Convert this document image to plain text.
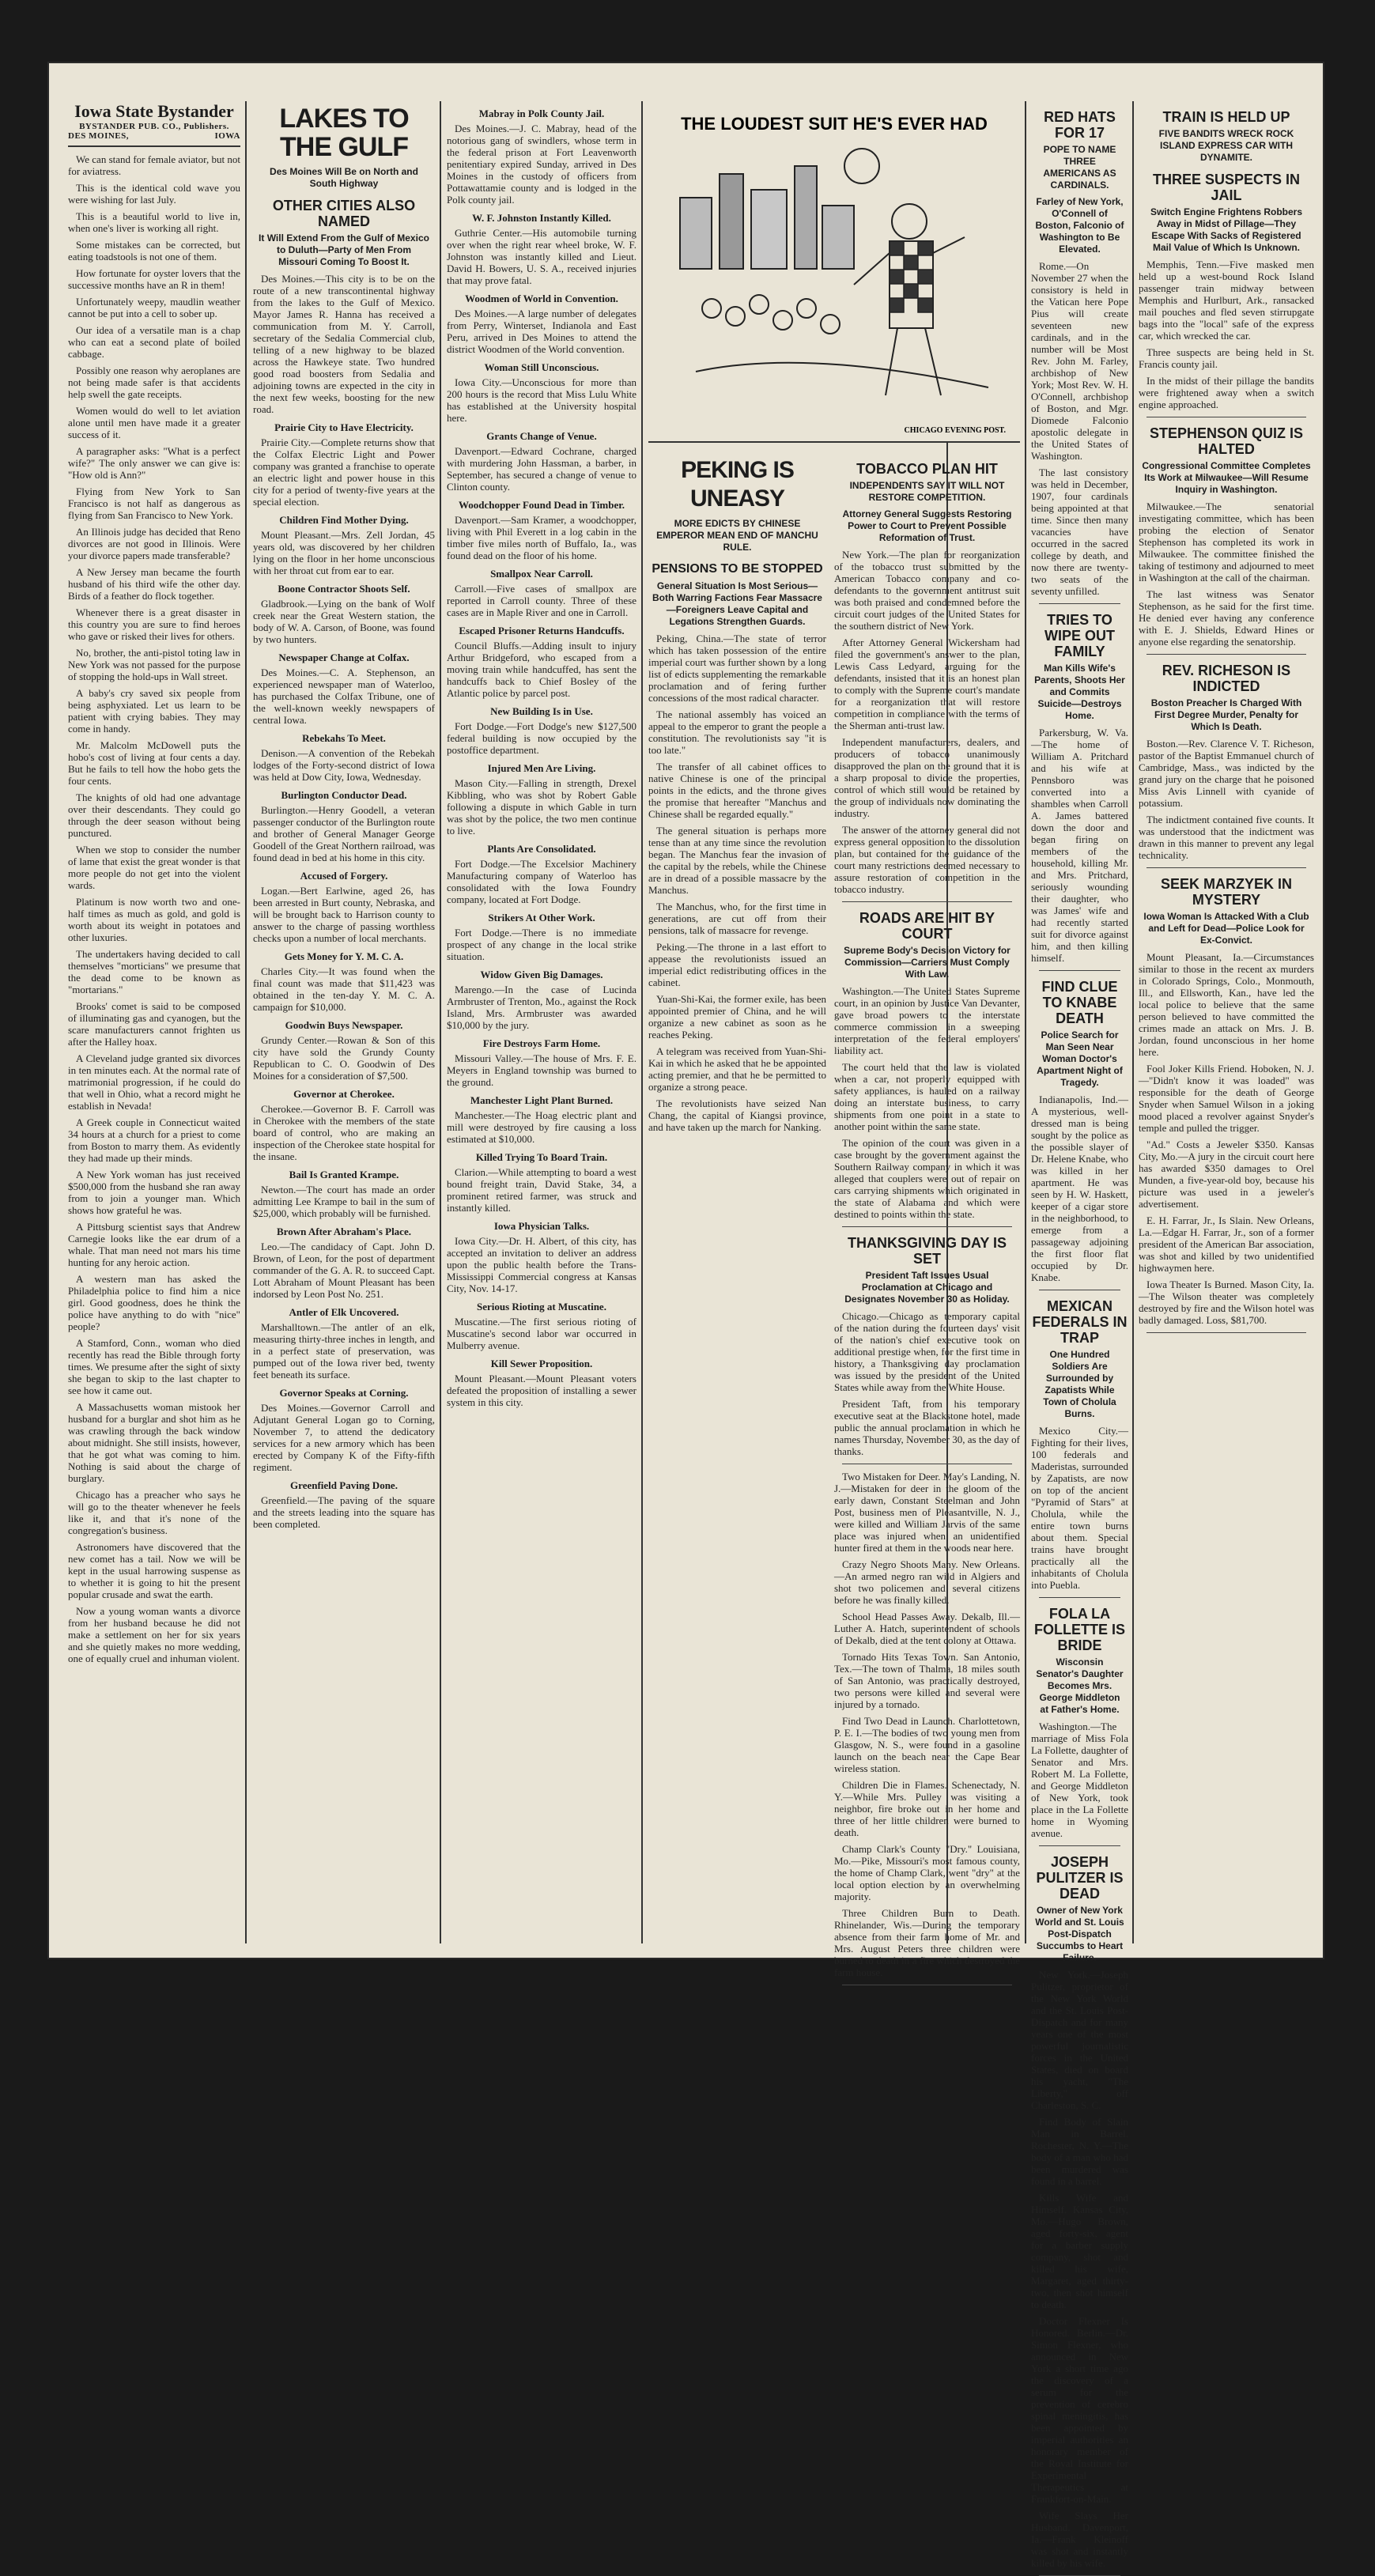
Iowa State Bystander
BYSTANDER PUB. CO., Publishers.
DES MOINES,	IOWA

We can stand for female aviator, but not for aviatress.

This is the identical cold wave you were wishing for last July.

This is a beautiful world to live in, when one's liver is working all right.

Some mistakes can be corrected, but eating toadstools is not one of them.

How fortunate for oyster lovers that the successive months have an R in them!

Unfortunately weepy, maudlin weather cannot be put into a cell to sober up.

Our idea of a versatile man is a chap who can eat a second plate of boiled cabbage.

Possibly one reason why aeroplanes are not being made safer is that accidents help swell the gate receipts.

Women would do well to let aviation alone until men have made it a greater success of it.

A paragrapher asks: "What is a perfect wife?" The only answer we can give is: "How old is Ann?"

Flying from New York to San Francisco is not half as dangerous as flying from San Francisco to New York.

An Illinois judge has decided that Reno divorces are not good in Illinois. Were your divorce papers made transferable?

A New Jersey man became the fourth husband of his third wife the other day. Birds of a feather do flock together.

Whenever there is a great disaster in this country you are sure to find heroes who gave or risked their lives for others.

No, brother, the anti-pistol toting law in New York was not passed for the purpose of stopping the hold-ups in Wall street.

A baby's cry saved six people from being asphyxiated. Let us learn to be patient with crying babies. They may come in handy.

Mr. Malcolm McDowell puts the hobo's cost of living at four cents a day. But he fails to tell how the hobo gets the four cents.

The knights of old had one advantage over their descendants. They could go through the deer season without being punctured.

When we stop to consider the number of lame that exist the great wonder is that more people do not get into the violent wards.

Platinum is now worth two and one-half times as much as gold, and gold is worth about its weight in potatoes and other luxuries.

The undertakers having decided to call themselves "morticians" we presume that the dead come to be known as "mortarians."

Brooks' comet is said to be composed of illuminating gas and cyanogen, but the scare manufacturers cannot frighten us after the Halley hoax.

A Cleveland judge granted six divorces in ten minutes each. At the normal rate of matrimonial progression, if he could do that well in Ohio, what a record might he establish in Nevada!

A Greek couple in Connecticut waited 34 hours at a church for a priest to come from Boston to marry them. As evidently they had made up their minds.

A New York woman has just received $500,000 from the husband she ran away from to join a younger man. Which shows how grateful he was.

A Pittsburg scientist says that Andrew Carnegie looks like the ear drum of a whale. That man need not mars his time hunting for any heroic action.

A western man has asked the Philadelphia police to find him a nice girl. Good goodness, does he think the police have anything to do with "nice" people?

A Stamford, Conn., woman who died recently has read the Bible through forty times. We presume after the sight of sixty she began to skip to the last chapter to see how it came out.

A Massachusetts woman mistook her husband for a burglar and shot him as he was crawling through the back window about midnight. She still insists, however, that he got what was coming to him. Nothing is said about the charge of burglary.

Chicago has a preacher who says he will go to the theater whenever he feels like it, and that it's none of the congregation's business.

Astronomers have discovered that the new comet has a tail. Now we will be kept in the usual harrowing suspense as to whether it is going to hit the present popular crusade and swat the earth.

Now a young woman wants a divorce from her husband because he did not make a settlement on her for six years and she quietly makes no more wedding, one of equally cruel and inhuman violent.

LAKES TO THE GULF
Des Moines Will Be on North and South Highway
OTHER CITIES ALSO NAMED
It Will Extend From the Gulf of Mexico to Duluth—Party of Men From Missouri Coming To Boost It.

Des Moines.—This city is to be on the route of a new transcontinental highway from the lakes to the Gulf of Mexico. Mayor James R. Hanna has received a communication from M. Y. Carroll, secretary of the Sedalia Commercial club, telling of a new highway to be blazed across the Hawkeye state. Two hundred good road boosters from Sedalia and adjoining towns are expected in the city in the next few weeks, boosting for the new road.

Prairie City to Have Electricity.

Prairie City.—Complete returns show that the Colfax Electric Light and Power company was granted a franchise to operate an electric light and power house in this city for a period of twenty-five years at the special election.

Children Find Mother Dying.

Mount Pleasant.—Mrs. Zell Jordan, 45 years old, was discovered by her children lying on the floor in her home unconscious with her throat cut from ear to ear.

Boone Contractor Shoots Self.

Gladbrook.—Lying on the bank of Wolf creek near the Great Western station, the body of W. A. Carson, of Boone, was found by two hunters.

Newspaper Change at Colfax.

Des Moines.—C. A. Stephenson, an experienced newspaper man of Waterloo, has purchased the Colfax Tribune, one of the well-known weekly newspapers of central Iowa.

Rebekahs To Meet.

Denison.—A convention of the Rebekah lodges of the Forty-second district of Iowa was held at Dow City, Iowa, Wednesday.

Burlington Conductor Dead.

Burlington.—Henry Goodell, a veteran passenger conductor of the Burlington route and brother of General Manager George Goodell of the Great Northern railroad, was found dead in bed at his home in this city.

Accused of Forgery.

Logan.—Bert Earlwine, aged 26, has been arrested in Burt county, Nebraska, and will be brought back to Harrison county to answer to the charge of passing worthless checks upon a number of local merchants.

Gets Money for Y. M. C. A.

Charles City.—It was found when the final count was made that $11,423 was obtained in the ten-day Y. M. C. A. campaign for $10,000.

Goodwin Buys Newspaper.

Grundy Center.—Rowan & Son of this city have sold the Grundy County Republican to C. O. Goodwin of Des Moines for a consideration of $7,500.

Governor at Cherokee.

Cherokee.—Governor B. F. Carroll was in Cherokee with the members of the state board of control, who are making an inspection of the Cherokee state hospital for the insane.

Bail Is Granted Krampe.

Newton.—The court has made an order admitting Lee Krampe to bail in the sum of $25,000, which probably will be furnished.

Brown After Abraham's Place.

Leo.—The candidacy of Capt. John D. Brown, of Leon, for the post of department commander of the G. A. R. to succeed Capt. Lott Abraham of Mount Pleasant has been indorsed by Leon Post No. 251.

Antler of Elk Uncovered.

Marshalltown.—The antler of an elk, measuring thirty-three inches in length, and in a perfect state of preservation, was pumped out of the Iowa river bed, twenty feet beneath its surface.

Governor Speaks at Corning.

Des Moines.—Governor Carroll and Adjutant General Logan go to Corning, November 7, to attend the dedicatory services for a new armory which has been erected by Company K of the Fifty-fifth regiment.

Greenfield Paving Done.

Greenfield.—The paving of the square and the streets leading into the square has been completed.

Mabray in Polk County Jail.

Des Moines.—J. C. Mabray, head of the notorious gang of swindlers, whose term in the federal prison at Fort Leavenworth penitentiary expired Sunday, arrived in Des Moines in the custody of officers from Pottawattamie county and is lodged in the Polk county jail.

W. F. Johnston Instantly Killed.

Guthrie Center.—His automobile turning over when the right rear wheel broke, W. F. Johnston was instantly killed and Lieut. David H. Bowers, U. S. A., received injuries that may prove fatal.

Woodmen of World in Convention.

Des Moines.—A large number of delegates from Perry, Winterset, Indianola and East Peru, arrived in Des Moines to attend the district Woodmen of the World convention.

Woman Still Unconscious.

Iowa City.—Unconscious for more than 200 hours is the record that Miss Lulu White has established at the University hospital here.

Grants Change of Venue.

Davenport.—Edward Cochrane, charged with murdering John Hassman, a barber, in September, has secured a change of venue to Clinton county.

Woodchopper Found Dead in Timber.

Davenport.—Sam Kramer, a woodchopper, living with Phil Everett in a log cabin in the timber five miles north of Buffalo, Ia., was found dead on the floor of his home.

Smallpox Near Carroll.

Carroll.—Five cases of smallpox are reported in Carroll county. Three of these cases are in Maple River and one in Carroll.

Escaped Prisoner Returns Handcuffs.

Council Bluffs.—Adding insult to injury Arthur Bridgeford, who escaped from a moving train while handcuffed, has sent the handcuffs back to Chief Bosley of the Atlantic police by parcel post.

New Building Is in Use.

Fort Dodge.—Fort Dodge's new $127,500 federal building is now occupied by the postoffice department.

Injured Men Are Living.

Mason City.—Falling in strength, Drexel Kibbling, who was shot by Robert Gable following a dispute in which Gable in turn was shot by the police, the two men continue to live.

Plants Are Consolidated.

Fort Dodge.—The Excelsior Machinery Manufacturing company of Waterloo has consolidated with the Iowa Foundry company, located at Fort Dodge.

Strikers At Other Work.

Fort Dodge.—There is no immediate prospect of any change in the local strike situation.

Widow Given Big Damages.

Marengo.—In the case of Lucinda Armbruster of Trenton, Mo., against the Rock Island, Mrs. Armbruster was awarded $10,000 by the jury.

Fire Destroys Farm Home.

Missouri Valley.—The house of Mrs. F. E. Meyers in England township was burned to the ground.

Manchester Light Plant Burned.

Manchester.—The Hoag electric plant and mill were destroyed by fire causing a loss estimated at $10,000.

Killed Trying To Board Train.

Clarion.—While attempting to board a west bound freight train, David Stake, 34, a prominent retired farmer, was struck and instantly killed.

Iowa Physician Talks.

Iowa City.—Dr. H. Albert, of this city, has accepted an invitation to deliver an address upon the public health before the Trans-Mississippi Commercial congress at Kansas City, Nov. 14-17.

Serious Rioting at Muscatine.

Muscatine.—The first serious rioting of Muscatine's second labor war occurred in Mulberry avenue.

Kill Sewer Proposition.

Mount Pleasant.—Mount Pleasant voters defeated the proposition of installing a sewer system in this city.

THE LOUDEST SUIT HE'S EVER HAD
CHICAGO EVENING POST.
PEKING IS UNEASY
MORE EDICTS BY CHINESE EMPEROR MEAN END OF MANCHU RULE.
PENSIONS TO BE STOPPED
General Situation Is Most Serious—Both Warring Factions Fear Massacre—Foreigners Leave Capital and Legations Strengthen Guards.

Peking, China.—The state of terror which has taken possession of the entire imperial court was further shown by a long list of edicts supplementing the remarkable proclamation and of fering further concessions of the most radical character.

The national assembly has voiced an appeal to the emperor to grant the people a constitution. The revolutionists say "it is too late."

The transfer of all cabinet offices to native Chinese is one of the principal points in the edicts, and the throne gives the promise that hereafter "Manchus and Chinese shall be regarded equally."

The general situation is perhaps more tense than at any time since the revolution began. The Manchus fear the invasion of the capital by the rebels, while the Chinese are in dread of a possible massacre by the Manchus.

The Manchus, who, for the first time in generations, are cut off from their pensions, talk of massacre for revenge.

Peking.—The throne in a last effort to appease the revolutionists issued an imperial edict redistributing offices in the cabinet.

Yuan-Shi-Kai, the former exile, has been appointed premier of China, and he will organize a new cabinet as soon as he reaches Peking.

A telegram was received from Yuan-Shi-Kai in which he asked that he be appointed acting premier, and that he be permitted to organize a strong peace.

The revolutionists have seized Nan Chang, the capital of Kiangsi province, and have taken up the march for Nanking.

TOBACCO PLAN HIT
INDEPENDENTS SAY IT WILL NOT RESTORE COMPETITION.
Attorney General Suggests Restoring Power to Court to Prevent Possible Reformation of Trust.

New York.—The plan for reorganization of the tobacco trust submitted by the American Tobacco company and co-defendants to the government antitrust suit was both praised and condemned before the circuit court judges of the United States for the southern district of New York.

After Attorney General Wickersham had filed the government's answer to the plan, Lewis Cass Ledyard, arguing for the defendants, insisted that it is an honest plan to comply with the Supreme court's mandate for a reorganization that will restore competition in compliance with the terms of the Sherman anti-trust law.

Independent manufacturers, dealers, and producers of tobacco unanimously disapproved the plan on the ground that it is a sharp proposal to divide the properties, control of which still would be retained by the group of individuals now dominating the industry.

The answer of the attorney general did not express general opposition to the dissolution plan, but contained for the guidance of the court many restrictions deemed necessary to assure restoration of competition in the tobacco industry.

ROADS ARE HIT BY COURT
Supreme Body's Decision Victory for Commission—Carriers Must Comply With Law.

Washington.—The United States Supreme court, in an opinion by Justice Van Devanter, gave broad powers to the interstate commerce commission in a sweeping interpretation of the federal employers' liability act.

The court held that the law is violated when a car, not properly equipped with safety appliances, is hauled on a railway doing an interstate business, to carry shipments from one point in a state to another point within the same state.

The opinion of the court was given in a case brought by the government against the Southern Railway company in which it was alleged that couplers were out of repair on cars carrying shipments which originated in the state of Alabama and which were destined to points within the state.

THANKSGIVING DAY IS SET
President Taft Issues Usual Proclamation at Chicago and Designates November 30 as Holiday.

Chicago.—Chicago as temporary capital of the nation during the fourteen days' visit of the nation's chief executive took on additional prestige when, for the first time in history, a Thanksgiving day proclamation was issued by the president of the United States while away from the White House.

President Taft, from his temporary executive seat at the Blackstone hotel, made public the annual proclamation in which he names Thursday, November 30, as the day of thanks.

Two Mistaken for Deer. May's Landing, N. J.—Mistaken for deer in the gloom of the early dawn, Constant Steelman and John Post, business men of Pleasantville, N. J., were killed and William Jarvis of the same place was injured when an unidentified hunter fired at them in the woods near here.

Crazy Negro Shoots Many. New Orleans.—An armed negro ran wild in Algiers and shot two policemen and several citizens before he was finally killed.

School Head Passes Away. Dekalb, Ill.—Luther A. Hatch, superintendent of schools of Dekalb, died at the tent colony at Ottawa.

Tornado Hits Texas Town. San Antonio, Tex.—The town of Thalma, 18 miles south of San Antonio, was practically destroyed, two persons were killed and several were injured by a tornado.

Find Two Dead in Launch. Charlottetown, P. E. I.—The bodies of two young men from Glasgow, N. S., were found in a gasoline launch on the beach near the Cape Bear wireless station.

Children Die in Flames. Schenectady, N. Y.—While Mrs. Pulley was visiting a neighbor, fire broke out in her home and three of her little children were burned to death.

Champ Clark's County "Dry." Louisiana, Mo.—Pike, Missouri's most famous county, the home of Champ Clark, went "dry" at the local option election by an overwhelming majority.

Three Children Burn to Death. Rhinelander, Wis.—During the temporary absence from their farm home of Mr. and Mrs. August Peters three children were burned to death in a fire which destroyed the farm house.

RED HATS FOR 17
POPE TO NAME THREE AMERICANS AS CARDINALS.
Farley of New York, O'Connell of Boston, Falconio of Washington to Be Elevated.

Rome.—On November 27 when the consistory is held in the Vatican here Pope Pius will create seventeen new cardinals, and in the number will be Most Rev. John M. Farley, archbishop of New York; Most Rev. W. H. O'Connell, archbishop of Boston, and Mgr. Diomede Falconio apostolic delegate in the United States of Washington.

The last consistory was held in December, 1907, four cardinals being appointed at that time. Since then many vacancies have occurred in the sacred college by death, and now there are twenty-two seats of the seventy unfilled.

TRIES TO WIPE OUT FAMILY
Man Kills Wife's Parents, Shoots Her and Commits Suicide—Destroys Home.

Parkersburg, W. Va.—The home of William A. Pritchard and his wife at Pennsboro was converted into a shambles when Carroll A. James battered down the door and began firing on members of the household, killing Mr. and Mrs. Pritchard, seriously wounding their daughter, who was James' wife and had recently started suit for divorce against him, and then killing himself.

FIND CLUE TO KNABE DEATH
Police Search for Man Seen Near Woman Doctor's Apartment Night of Tragedy.

Indianapolis, Ind.—A mysterious, well-dressed man is being sought by the police as the possible slayer of Dr. Helene Knabe, who was killed in her apartment. He was seen by H. W. Haskett, keeper of a cigar store in the neighborhood, to emerge from a passageway adjoining the first floor flat occupied by Dr. Knabe.

MEXICAN FEDERALS IN TRAP
One Hundred Soldiers Are Surrounded by Zapatists While Town of Cholula Burns.

Mexico City.—Fighting for their lives, 100 federals and Maderistas, surrounded by Zapatists, are now on top of the ancient "Pyramid of Stars" at Cholula, while the entire town burns about them. Special trains have brought practically all the inhabitants of Cholula into Puebla.

FOLA LA FOLLETTE IS BRIDE
Wisconsin Senator's Daughter Becomes Mrs. George Middleton at Father's Home.

Washington.—The marriage of Miss Fola La Follette, daughter of Senator and Mrs. Robert M. La Follette, and George Middleton of New York, took place in the La Follette home in Wyoming avenue.

JOSEPH PULITZER IS DEAD
Owner of New York World and St. Louis Post-Dispatch Succumbs to Heart Failure.

New York.—Joseph Pulitzer, proprietor of the New York World and the St. Louis Post-Dispatch and for many years one of the most powerful journalistic forces in the United States, died on board his yacht, "The Liberty," off Charleston, S. C.

Find Body of Slain Man in Barrel. Rochester, N. Y.—The body of a man who had been murdered was found in a barrel.

Kills Wife and Himself. Kansas City, Mo.—Hugo Brown, aged forty-six, agent for a barber supply company, shot and killed his wife, Margaret, aged thirty-two, then shot himself to death.

Doctor Flexner Is Honored. Berlin.—Dr. Simon Flexner, who announced in New York a short time ago the discovery of a serum for the prevention of cerebro spinal meningitis, has been appointed by imperial authorities an honorary member of the Royal Institute for Experimental Therapeutics at Frankfort-on-Main.

Wife Slays Her Husband. Davenport, Ia.—Frank Kleinoff was shot and instantly killed by his wife.

TRAIN IS HELD UP
FIVE BANDITS WRECK ROCK ISLAND EXPRESS CAR WITH DYNAMITE.
THREE SUSPECTS IN JAIL
Switch Engine Frightens Robbers Away in Midst of Pillage—They Escape With Sacks of Registered Mail Value of Which Is Unknown.

Memphis, Tenn.—Five masked men held up a west-bound Rock Island passenger train midway between Memphis and Hurlburt, Ark., ransacked mail pouches and fled seven stirrupgate bags into the "local" safe of the express car, which wrecked the car.

Three suspects are being held in St. Francis county jail.

In the midst of their pillage the bandits were frightened away when a switch engine approached.

STEPHENSON QUIZ IS HALTED
Congressional Committee Completes Its Work at Milwaukee—Will Resume Inquiry in Washington.

Milwaukee.—The senatorial investigating committee, which has been probing the election of Senator Stephenson has completed its work in Milwaukee. The committee finished the taking of testimony and adjourned to meet in Washington at the call of the chairman.

The last witness was Senator Stephenson, as he said for the first time. He denied ever having any conference with E. J. Shields, Edward Hines or anyone else regarding the senatorship.

REV. RICHESON IS INDICTED
Boston Preacher Is Charged With First Degree Murder, Penalty for Which Is Death.

Boston.—Rev. Clarence V. T. Richeson, pastor of the Baptist Emmanuel church of Cambridge, Mass., was indicted by the grand jury on the charge that he poisoned Miss Avis Linnell with cyanide of potassium.

The indictment contained five counts. It was understood that the indictment was drawn in this manner to prevent any legal technicality.

SEEK MARZYEK IN MYSTERY
Iowa Woman Is Attacked With a Club and Left for Dead—Police Look for Ex-Convict.

Mount Pleasant, Ia.—Circumstances similar to those in the recent ax murders in Colorado Springs, Colo., Monmouth, Ill., and Ellsworth, Kan., have led the local police to believe that the same person believed to have committed the crimes made an attack on Mrs. J. B. Jordan, found unconscious in her home here.

Fool Joker Kills Friend. Hoboken, N. J.—"Didn't know it was loaded" was responsible for the death of George Snyder when Samuel Wilson in a joking mood placed a revolver against Snyder's temple and pulled the trigger.

"Ad." Costs a Jeweler $350. Kansas City, Mo.—A jury in the circuit court here has awarded $350 damages to Orel Munden, a five-year-old boy, because his picture was used in a jeweler's advertisement.

E. H. Farrar, Jr., Is Slain. New Orleans, La.—Edgar H. Farrar, Jr., son of a former president of the American Bar association, was shot and killed by two unidentified highwaymen here.

Iowa Theater Is Burned. Mason City, Ia.—The Wilson theater was completely destroyed by fire and the Wilson hotel was badly damaged. Loss, $81,700.
